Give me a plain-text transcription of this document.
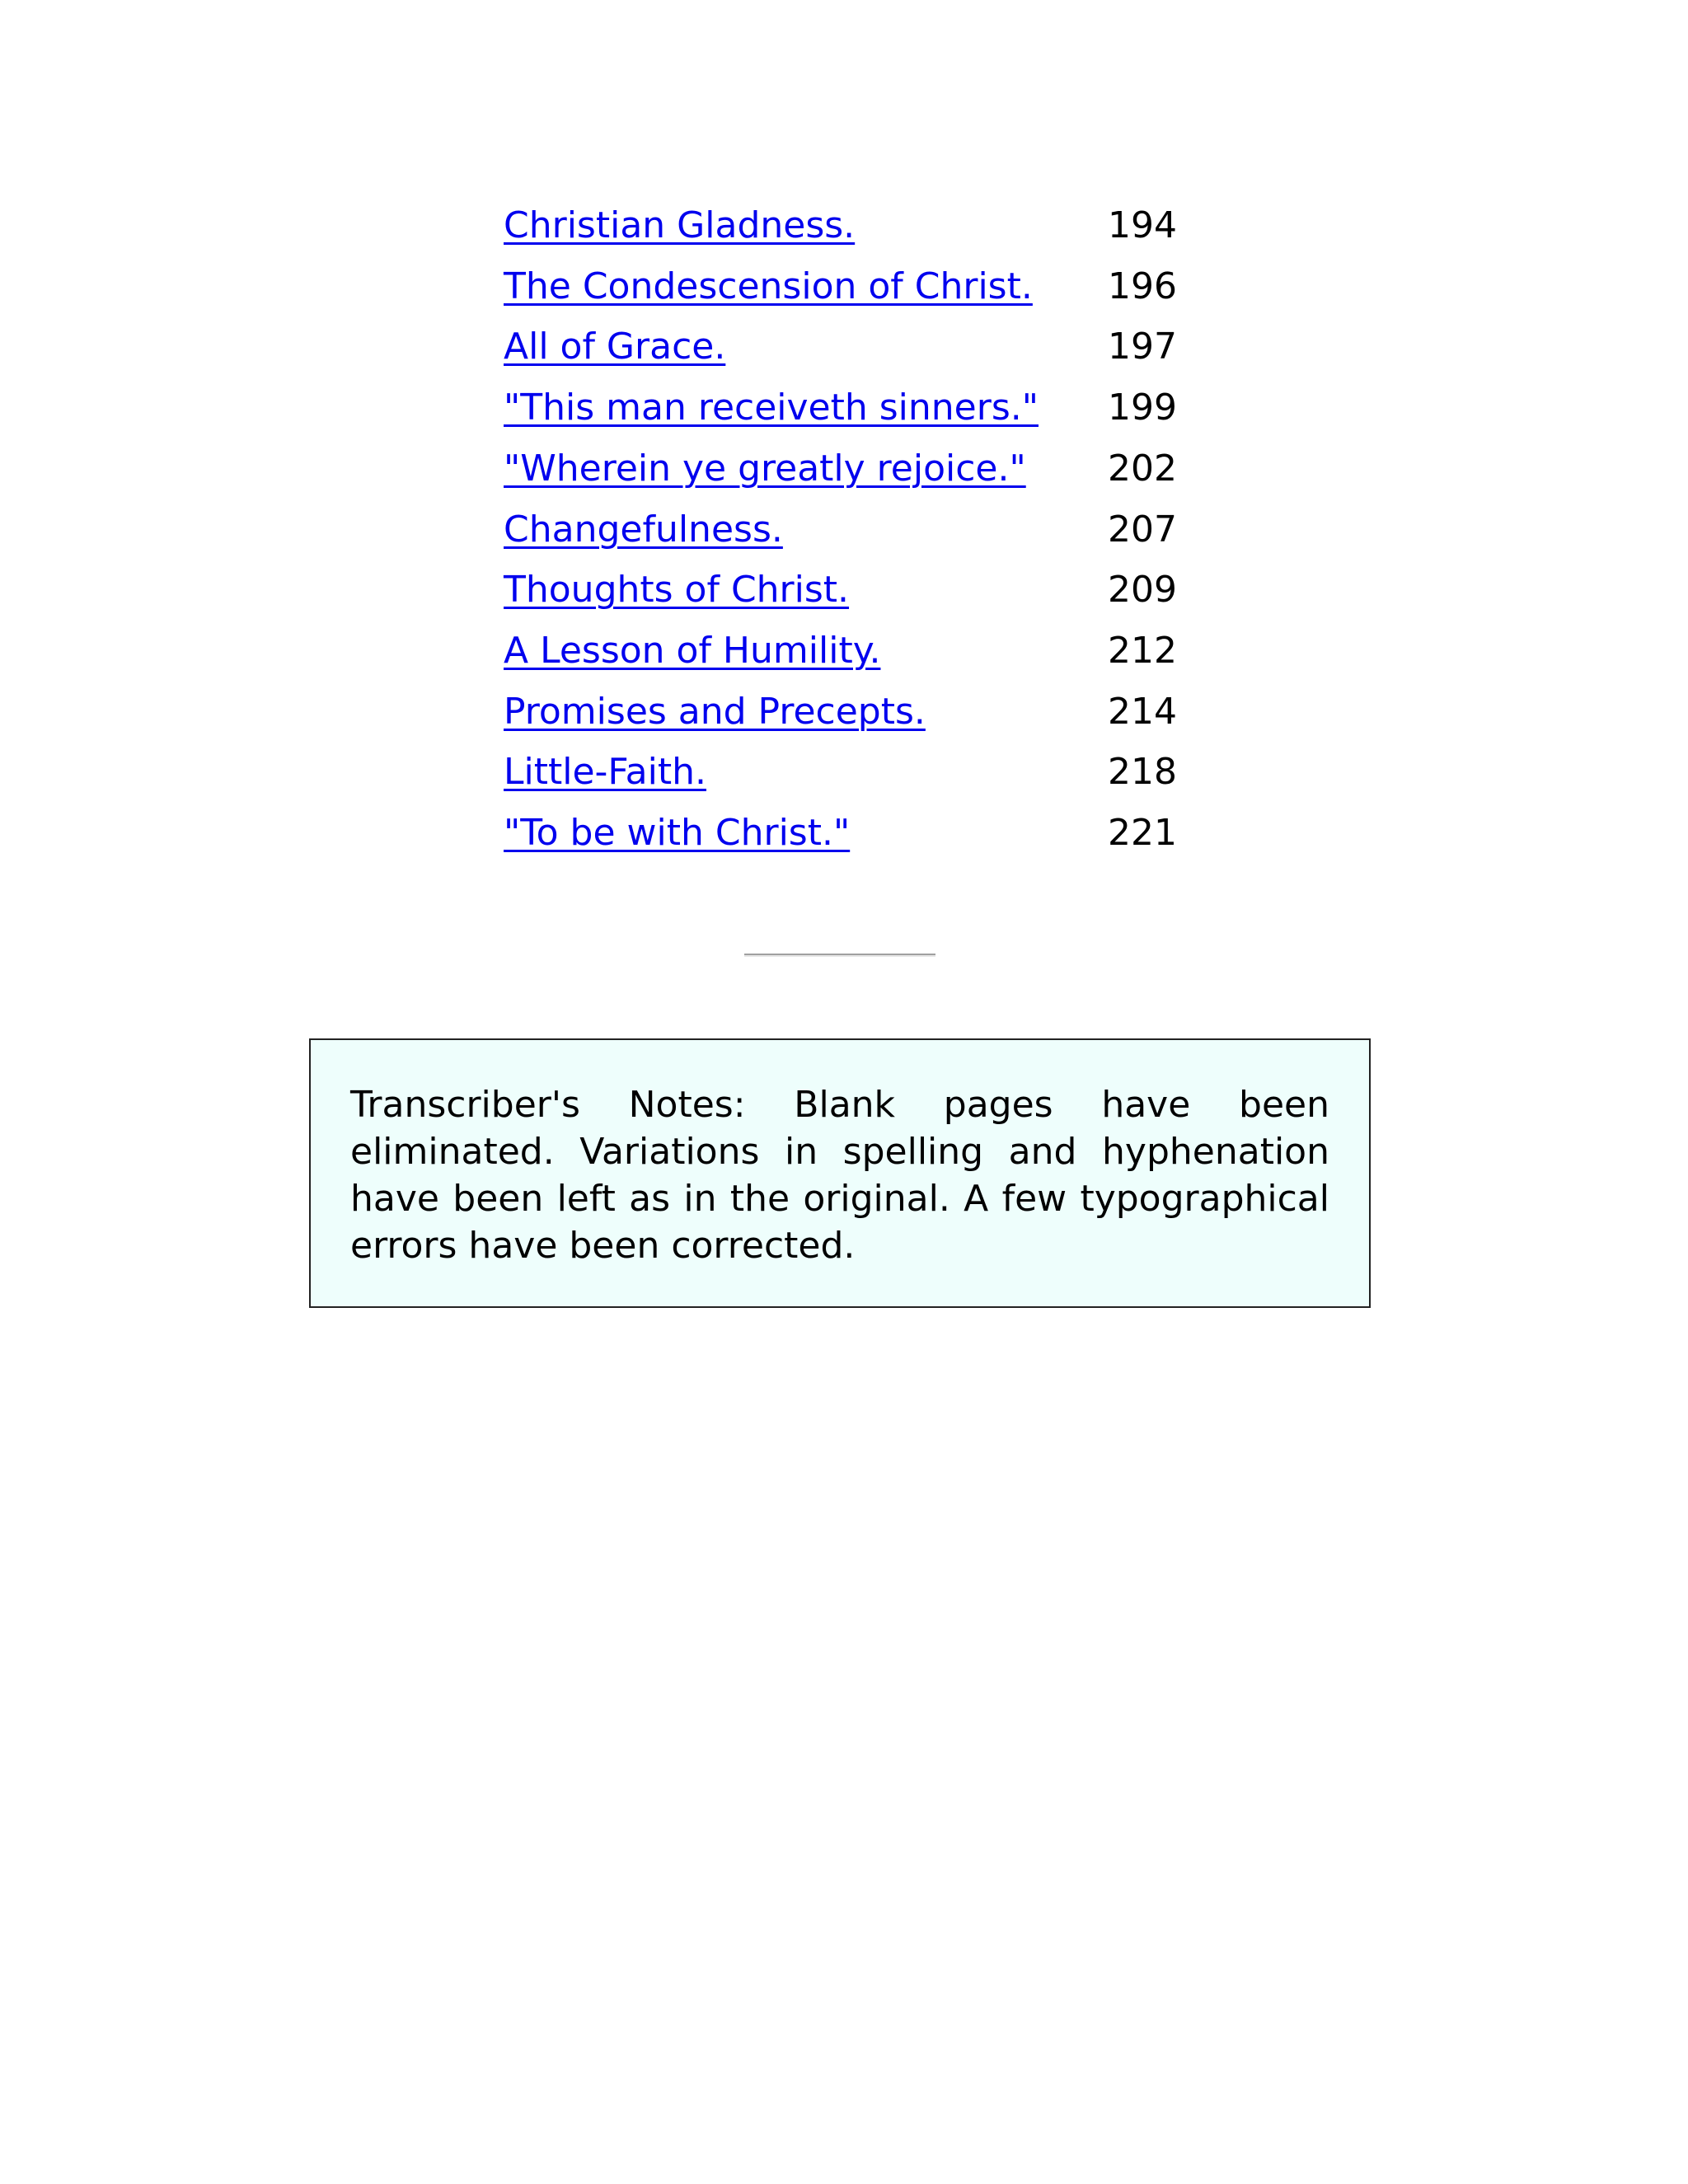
Christian Gladness.	194
The Condescension of Christ.	196
All of Grace.	197
"This man receiveth sinners."	199
"Wherein ye greatly rejoice."	202
Changefulness.	207
Thoughts of Christ.	209
A Lesson of Humility.	212
Promises and Precepts.	214
Little-Faith.	218
"To be with Christ."	221

Transcriber's Notes: Blank pages have been eliminated. Variations in spelling and hyphenation have been left as in the original. A few typographical errors have been corrected.
